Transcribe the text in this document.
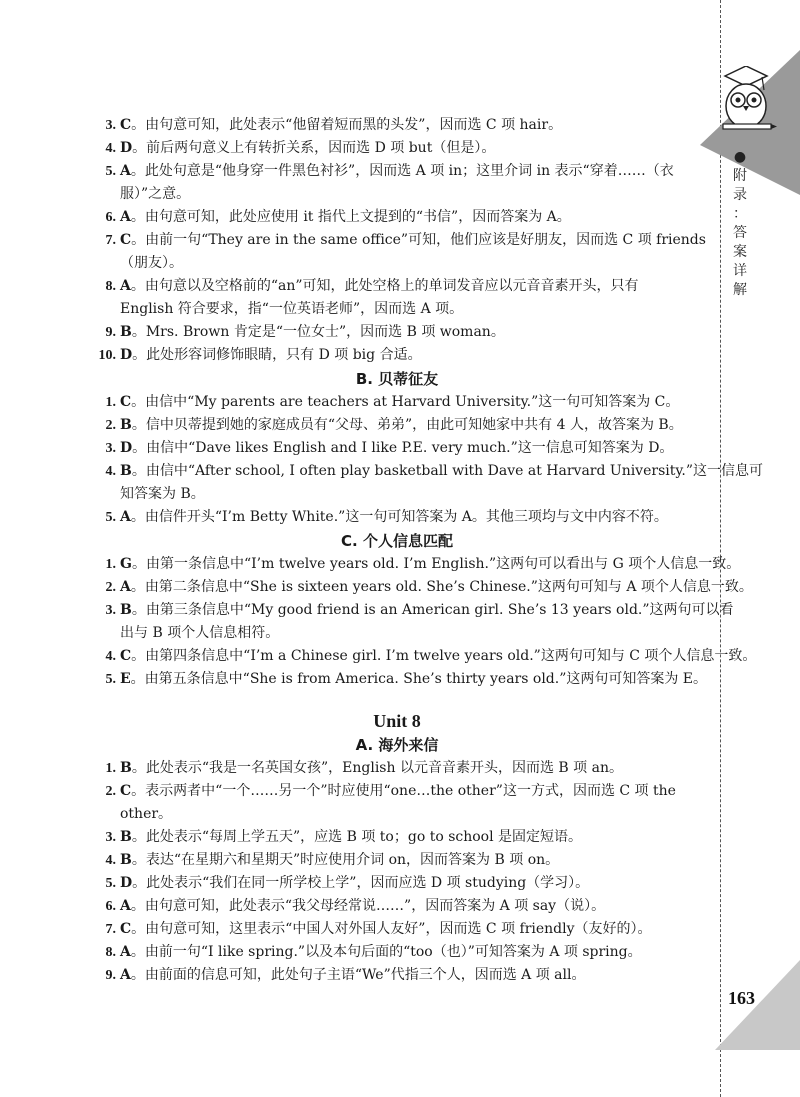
●
附
录
：
答
案
详
解
163
3. C。由句意可知，此处表示“他留着短而黑的头发”，因而选 C 项 hair。
4. D。前后两句意义上有转折关系，因而选 D 项 but（但是）。
5. A。此处句意是“他身穿一件黑色衬衫”，因而选 A 项 in；这里介词 in 表示“穿着……（衣
服）”之意。
6. A。由句意可知，此处应使用 it 指代上文提到的“书信”，因而答案为 A。
7. C。由前一句“They are in the same office”可知，他们应该是好朋友，因而选 C 项 friends
（朋友）。
8. A。由句意以及空格前的“an”可知，此处空格上的单词发音应以元音音素开头，只有
English 符合要求，指“一位英语老师”，因而选 A 项。
9. B。Mrs. Brown 肯定是“一位女士”，因而选 B 项 woman。
10. D。此处形容词修饰眼睛，只有 D 项 big 合适。
B. 贝蒂征友
1. C。由信中“My parents are teachers at Harvard University.”这一句可知答案为 C。
2. B。信中贝蒂提到她的家庭成员有“父母、弟弟”，由此可知她家中共有 4 人，故答案为 B。
3. D。由信中“Dave likes English and I like P.E. very much.”这一信息可知答案为 D。
4. B。由信中“After school, I often play basketball with Dave at Harvard University.”这一信息可
知答案为 B。
5. A。由信件开头“I’m Betty White.”这一句可知答案为 A。其他三项均与文中内容不符。
C. 个人信息匹配
1. G。由第一条信息中“I’m twelve years old. I’m English.”这两句可以看出与 G 项个人信息一致。
2. A。由第二条信息中“She is sixteen years old. She’s Chinese.”这两句可知与 A 项个人信息一致。
3. B。由第三条信息中“My good friend is an American girl. She’s 13 years old.”这两句可以看
出与 B 项个人信息相符。
4. C。由第四条信息中“I’m a Chinese girl. I’m twelve years old.”这两句可知与 C 项个人信息一致。
5. E。由第五条信息中“She is from America. She’s thirty years old.”这两句可知答案为 E。
Unit 8
A. 海外来信
1. B。此处表示“我是一名英国女孩”，English 以元音音素开头，因而选 B 项 an。
2. C。表示两者中“一个……另一个”时应使用“one…the other”这一方式，因而选 C 项 the
other。
3. B。此处表示“每周上学五天”，应选 B 项 to；go to school 是固定短语。
4. B。表达“在星期六和星期天”时应使用介词 on，因而答案为 B 项 on。
5. D。此处表示“我们在同一所学校上学”，因而应选 D 项 studying（学习）。
6. A。由句意可知，此处表示“我父母经常说……”，因而答案为 A 项 say（说）。
7. C。由句意可知，这里表示“中国人对外国人友好”，因而选 C 项 friendly（友好的）。
8. A。由前一句“I like spring.”以及本句后面的“too（也）”可知答案为 A 项 spring。
9. A。由前面的信息可知，此处句子主语“We”代指三个人，因而选 A 项 all。
